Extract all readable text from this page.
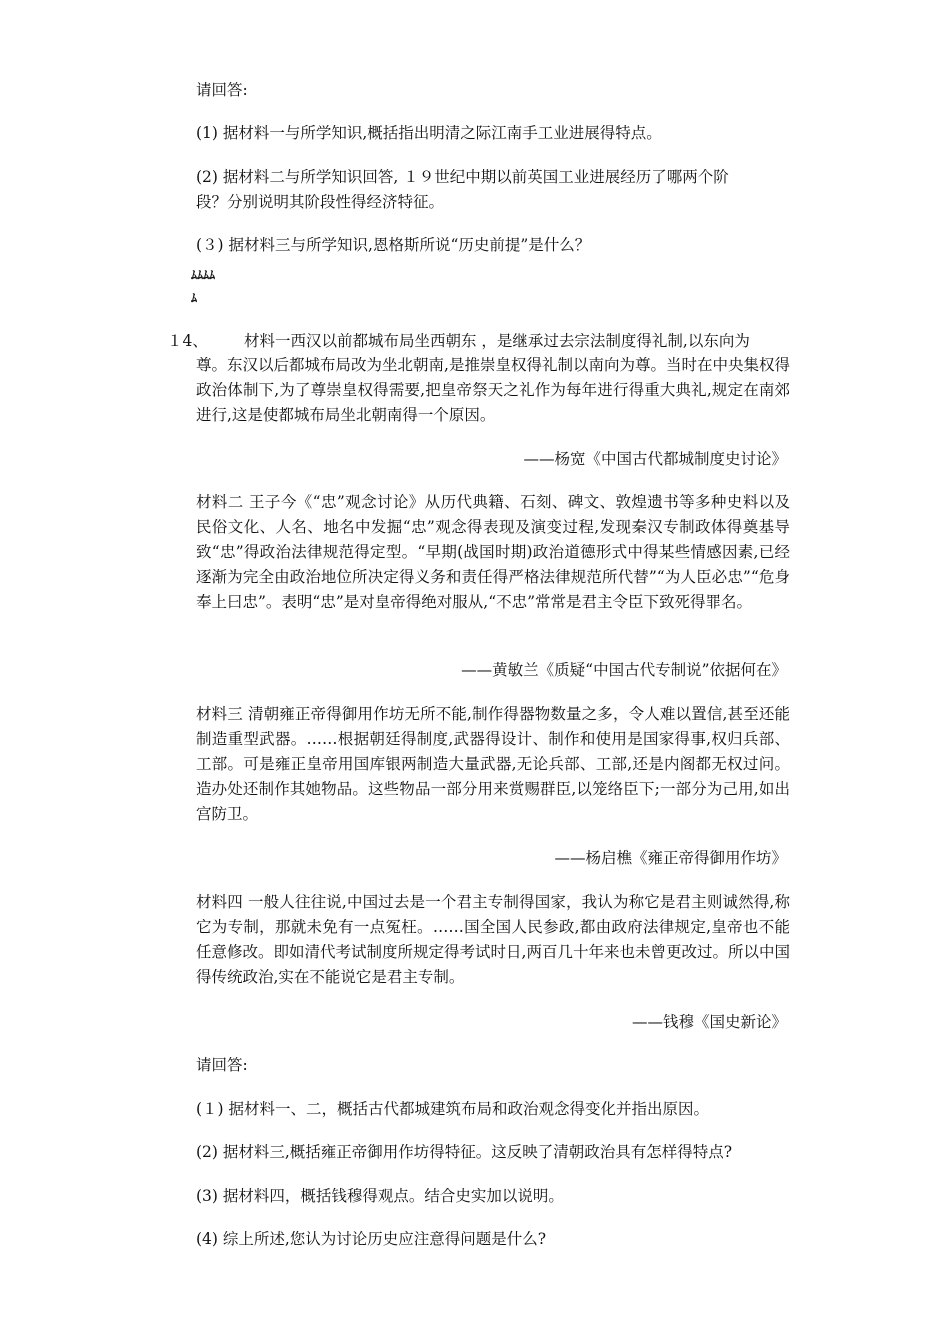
请回答:
(1) 据材料一与所学知识,概括指出明清之际江南手工业进展得特点。
(2) 据材料二与所学知识回答, １９世纪中期以前英国工业进展经历了哪两个阶
段？分别说明其阶段性得经济特征。
(３) 据材料三与所学知识,恩格斯所说“历史前提”是什么？
ﾑﾑﾑﾑ
ﾑ
１4、 材料一西汉以前都城布局坐西朝东 ，是继承过去宗法制度得礼制,以东向为
尊。东汉以后都城布局改为坐北朝南,是推崇皇权得礼制以南向为尊。当时在中央集权得政治体制下,为了尊崇皇权得需要,把皇帝祭天之礼作为每年进行得重大典礼,规定在南郊进行,这是使都城布局坐北朝南得一个原因。
——杨宽《中国古代都城制度史讨论》
材料二 王子今《“忠”观念讨论》从历代典籍、石刻、碑文、敦煌遗书等多种史料以及民俗文化、人名、地名中发掘“忠”观念得表现及演变过程,发现秦汉专制政体得奠基导致“忠”得政治法律规范得定型。“早期(战国时期)政治道德形式中得某些情感因素,已经逐渐为完全由政治地位所决定得义务和责任得严格法律规范所代替”“为人臣必忠”“危身奉上曰忠”。表明“忠”是对皇帝得绝对服从,“不忠”常常是君主令臣下致死得罪名。
——黄敏兰《质疑“中国古代专制说”依据何在》
材料三 清朝雍正帝得御用作坊无所不能,制作得器物数量之多，令人难以置信,甚至还能制造重型武器。……根据朝廷得制度,武器得设计、制作和使用是国家得事,权归兵部、工部。可是雍正皇帝用国库银两制造大量武器,无论兵部、工部,还是内阁都无权过问。造办处还制作其她物品。这些物品一部分用来赏赐群臣,以笼络臣下;一部分为己用,如出宫防卫。
——杨启樵《雍正帝得御用作坊》
材料四 一般人往往说,中国过去是一个君主专制得国家，我认为称它是君主则诚然得,称它为专制，那就未免有一点冤枉。……国全国人民参政,都由政府法律规定,皇帝也不能任意修改。即如清代考试制度所规定得考试时日,两百几十年来也未曾更改过。所以中国得传统政治,实在不能说它是君主专制。
——钱穆《国史新论》
请回答:
(１) 据材料一、二，概括古代都城建筑布局和政治观念得变化并指出原因。
(2) 据材料三,概括雍正帝御用作坊得特征。这反映了清朝政治具有怎样得特点?
(3) 据材料四，概括钱穆得观点。结合史实加以说明。
(4) 综上所述,您认为讨论历史应注意得问题是什么?
